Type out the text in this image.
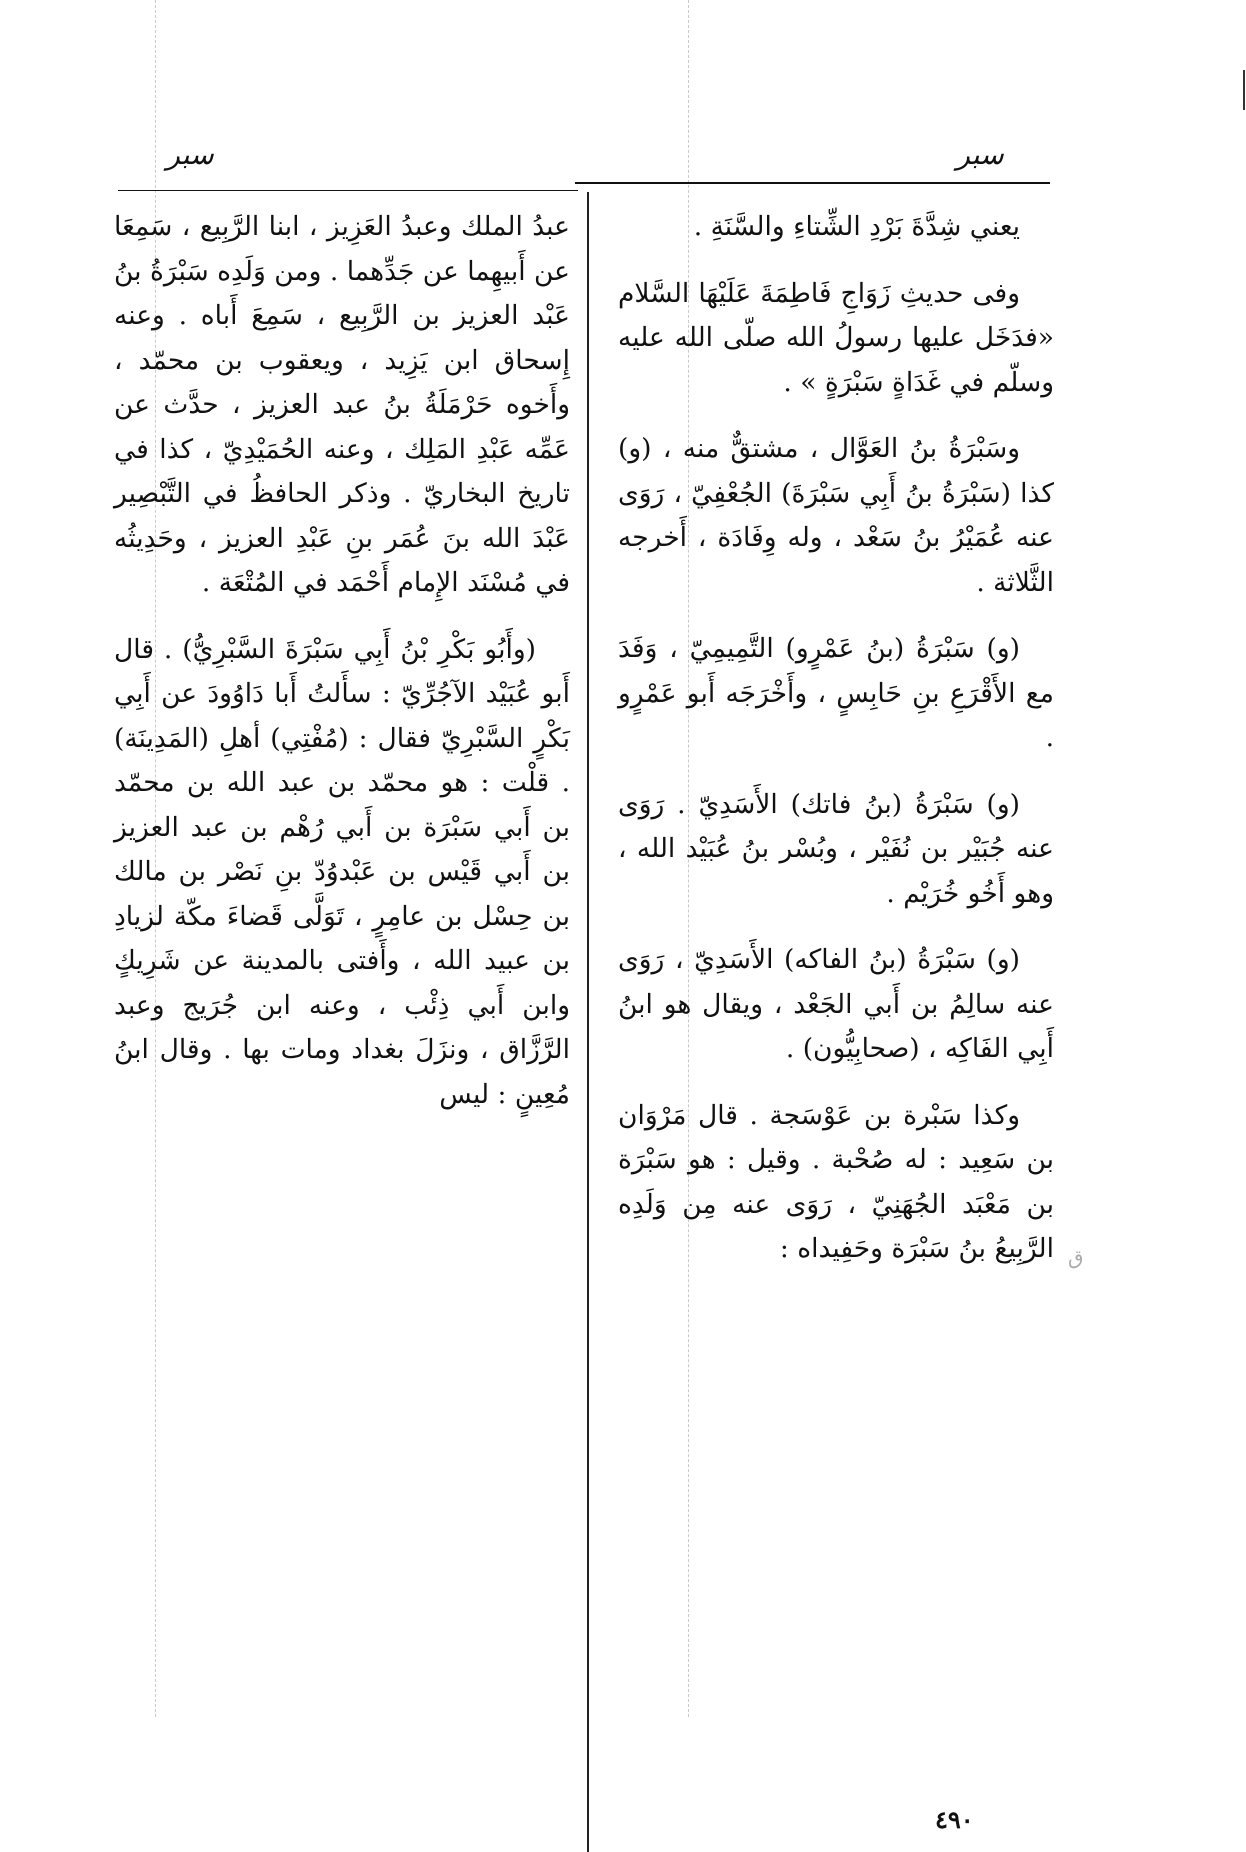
سبر
سبر

يعني شِدَّةَ بَرْدِ الشِّتاءِ والسَّنَةِ .

وفى حديثِ زَوَاجِ فَاطِمَةَ عَلَيْهَا السَّلام «فدَخَل عليها رسولُ الله صلّى الله عليه وسلّم في غَدَاةٍ سَبْرَةٍ » .

وسَبْرَةُ بنُ العَوَّال ، مشتقٌّ منه ، (و) كذا (سَبْرَةُ بنُ أَبِي سَبْرَةَ) الجُعْفِيّ ، رَوَى عنه عُمَيْرُ بنُ سَعْد ، وله وِفَادَة ، أَخرجه الثَّلاثة .

(و) سَبْرَةُ (بنُ عَمْرٍو) التَّمِيمِيّ ، وَفَدَ مع الأَقْرَعِ بنِ حَابِسٍ ، وأَخْرَجَه أَبو عَمْرٍو .

(و) سَبْرَةُ (بنُ فاتك) الأَسَدِيّ . رَوَى عنه جُبَيْر بن نُفَيْر ، وبُسْر بنُ عُبَيْد الله ، وهو أَخُو خُرَيْم .

(و) سَبْرَةُ (بنُ الفاكه) الأَسَدِيّ ، رَوَى عنه سالِمُ بن أَبي الجَعْد ، ويقال هو ابنُ أَبِي الفَاكِه ، (صحابِيُّون) .

وكذا سَبْرة بن عَوْسَجة . قال مَرْوَان بن سَعِيد : له صُحْبة . وقيل : هو سَبْرَة بن مَعْبَد الجُهَنِيّ ، رَوَى عنه مِن وَلَدِه الرَّبِيعُ بنُ سَبْرَة وحَفِيداه :

عبدُ الملك وعبدُ العَزِيز ، ابنا الرَّبِيع ، سَمِعَا عن أَبيهِما عن جَدِّهما . ومن وَلَدِه سَبْرَةُ بنُ عَبْد العزيز بن الرَّبِيع ، سَمِعَ أَباه . وعنه إِسحاق ابن يَزِيد ، ويعقوب بن محمّد ، وأَخوه حَرْمَلَةُ بنُ عبد العزيز ، حدَّث عن عَمِّه عَبْدِ المَلِك ، وعنه الحُمَيْدِيّ ، كذا في تاريخ البخاريّ . وذكر الحافظُ في التَّبْصِير عَبْدَ الله بنَ عُمَر بنِ عَبْدِ العزيز ، وحَدِيثُه في مُسْنَد الإِمام أَحْمَد في المُتْعَة .

(وأَبُو بَكْرِ بْنُ أَبِي سَبْرَةَ السَّبْرِيُّ) . قال أَبو عُبَيْد الآجُرِّيّ : سأَلتُ أَبا دَاوُودَ عن أَبِي بَكْرٍ السَّبْرِيّ فقال : (مُفْتِي) أهلِ (المَدِينَة) . قلْت : هو محمّد بن عبد الله بن محمّد بن أَبي سَبْرَة بن أَبي رُهْم بن عبد العزيز بن أَبي قَيْس بن عَبْدوُدّ بنِ نَصْر بن مالك بن حِسْل بن عامِرٍ ، تَوَلَّى قَضاءَ مكّة لزيادِ بن عبيد الله ، وأَفتى بالمدينة عن شَرِيكٍ وابن أَبي ذِئْب ، وعنه ابن جُرَيج وعبد الرَّزَّاق ، ونزَلَ بغداد ومات بها . وقال ابنُ مُعِينٍ : ليس

ق
٤٩٠
